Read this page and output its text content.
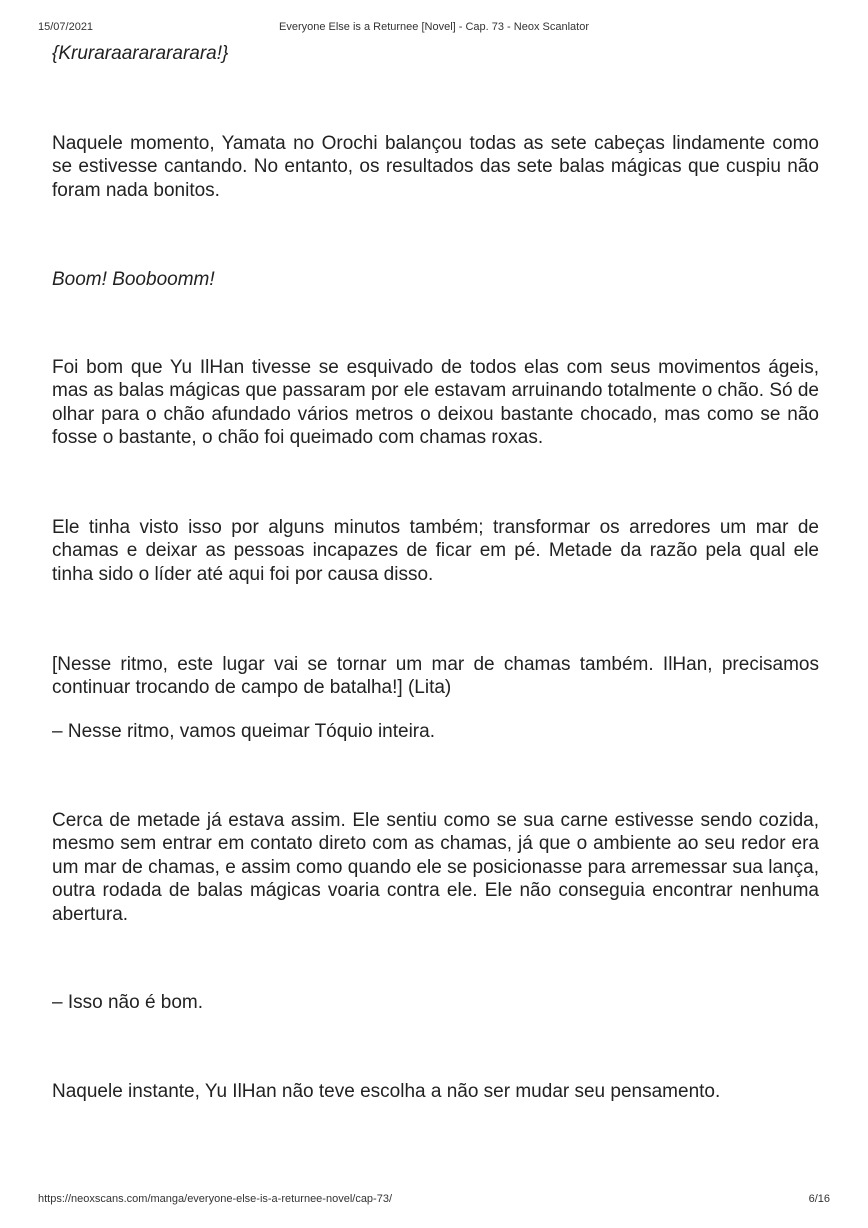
15/07/2021	Everyone Else is a Returnee [Novel] - Cap. 73 - Neox Scanlator

{Kruraraararararara!}

Naquele momento, Yamata no Orochi balançou todas as sete cabeças lindamente como se estivesse cantando. No entanto, os resultados das sete balas mágicas que cuspiu não foram nada bonitos.

Boom! Booboomm!

Foi bom que Yu IlHan tivesse se esquivado de todos elas com seus movimentos ágeis, mas as balas mágicas que passaram por ele estavam arruinando totalmente o chão. Só de olhar para o chão afundado vários metros o deixou bastante chocado, mas como se não fosse o bastante, o chão foi queimado com chamas roxas.

Ele tinha visto isso por alguns minutos também; transformar os arredores um mar de chamas e deixar as pessoas incapazes de ficar em pé. Metade da razão pela qual ele tinha sido o líder até aqui foi por causa disso.

[Nesse ritmo, este lugar vai se tornar um mar de chamas também. IlHan, precisamos continuar trocando de campo de batalha!] (Lita)

– Nesse ritmo, vamos queimar Tóquio inteira.

Cerca de metade já estava assim. Ele sentiu como se sua carne estivesse sendo cozida, mesmo sem entrar em contato direto com as chamas, já que o ambiente ao seu redor era um mar de chamas, e assim como quando ele se posicionasse para arremessar sua lança, outra rodada de balas mágicas voaria contra ele. Ele não conseguia encontrar nenhuma abertura.

– Isso não é bom.

Naquele instante, Yu IlHan não teve escolha a não ser mudar seu pensamento.

https://neoxscans.com/manga/everyone-else-is-a-returnee-novel/cap-73/	6/16
